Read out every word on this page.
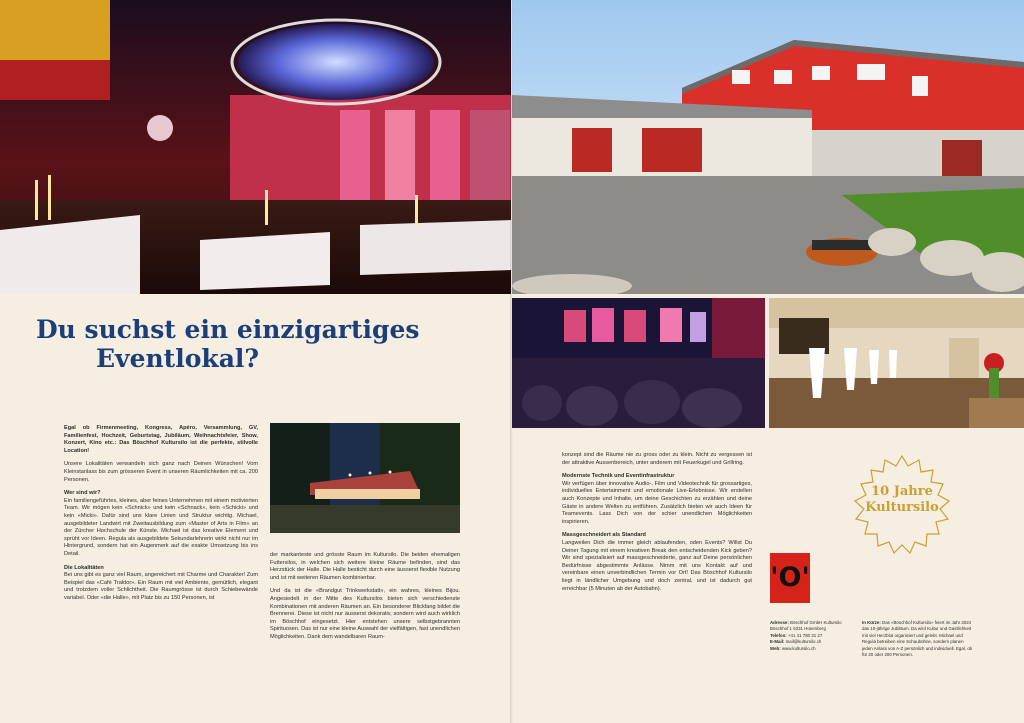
Du suchst ein einzigartiges
Eventlokal?

Egal ob Firmenmeeting, Kongress, Apéro, Versammlung, GV, Familienfest, Hochzeit, Geburtstag, Jubiläum, Weihnachtsfeier, Show, Konzert, Kino etc.: Das Böschhof Kultursilo ist die perfekte, stilvolle Location!

Unsere Lokalitäten verwandeln sich ganz nach Deinen Wünschen! Vom Kleinstanlass bis zum grösseren Event in unseren Räumlichkeiten mit ca. 200 Personen.

Wer sind wir?

Ein familiengeführtes, kleines, aber feines Unternehmen mit einem motivierten Team. Wir mögen kein «Schnick» und kein «Schnack», kein «Schicki» und kein «Micki». Dafür sind uns klare Linien und Struktur wichtig. Michael, ausgebildeter Landwirt mit Zweitausbildung zum «Master of Arts in Film» an der Zürcher Hochschule der Künste. Michael ist das kreative Element und sprüht vor Ideen. Regula als ausgebildete Sekundarlehrerin wirkt nicht nur im Hintergrund, sondern hat ein Augenmerk auf die exakte Umsetzung bis ins Detail.

Die Lokalitäten

Bei uns gibt es ganz viel Raum, angereichert mit Charme und Charakter! Zum Beispiel das «Café Traktor». Ein Raum mit viel Ambiente, gemütlich, elegant und trotzdem voller Schlichtheit. Die Raumgrösse ist durch Schiebewände variabel. Oder «die Halle», mit Platz bis zu 150 Personen, ist

der markanteste und grösste Raum im Kultursilo. Die beiden ehemaligen Futtersilos, in welchen sich weitere kleine Räume befinden, sind das Herzstück der Halle. Die Halle besticht durch eine äusserst flexible Nutzung und ist mit weiteren Räumen kombinierbar.

Und da ist die «Brandgut Trinkwerkstatt», ein wahres, kleines Bijou. Angesiedelt in der Mitte des Kultursilos bieten sich verschiedenste Kombinationen mit anderen Räumen an. Ein besonderer Blickfang bildet die Brennerei. Diese ist nicht nur äusserst dekorativ, sondern wird auch wirklich im Böschhof eingesetzt. Hier entstehen unsere selbstgebrannten Spirituosen. Das ist nur eine kleine Auswahl der vielfältigen, fast unendlichen Möglichkeiten. Dank dem wandelbaren Raum-

konzept sind die Räume nie zu gross oder zu klein. Nicht zu vergessen ist der attraktive Aussenbereich, unter anderem mit Feuerkugel und Grillring.

Modernste Technik und Eventinfrastruktur

Wir verfügen über innovative Audio-, Film und Videotechnik für grossartiges, individuelles Entertainment und emotionale Live-Erlebnisse. Wir erstellen auch Konzepte und Inhalte, um deine Geschichten zu erzählen und deine Gäste in andere Welten zu entführen. Zusätzlich bieten wir auch Ideen für Teamevents. Lass Dich von der schier unendlichen Möglichkeiten inspirieren.

Massgeschneidert als Standard

Langweilen Dich die immer gleich ablaufenden, oden Events? Willst Du Deiner Tagung mit einem kreativen Break den entscheidenden Kick geben? Wir sind spezialisiert auf massgeschneiderte, ganz auf Deine persönlichen Bedürfnisse abgestimmte Anlässe. Nimm mit uns Kontakt auf und vereinbare einen unverbindlichen Termin vor Ort! Das Böschhof Kultursilo liegt in ländlicher Umgebung und doch zentral, und ist dadurch gut erreichbar (5 Minuten ab der Autobahn).

10 Jahre
Kultursilo
'O'
Adresse: Böschhof GmbH Kultursilo Böschhof 1 6331 Hünenberg
Telefon: +41 41 780 31 27
E-Mail: mail@kultursilo.ch
Web: www.kultursilo.ch
In Kürze: Das «Böschhof Kultursilo» feiert im Jahr 2024 das 10-jährige Jubiläum. Da wird Kultur und Gastlichkeit mit viel Herzblut organisiert und gelebt. Michael und Regula betreiben eine Schaubühne, sondern planen jeden Anlass von A-Z persönlich und individuell. Egal, ob für 20 oder 200 Personen.
